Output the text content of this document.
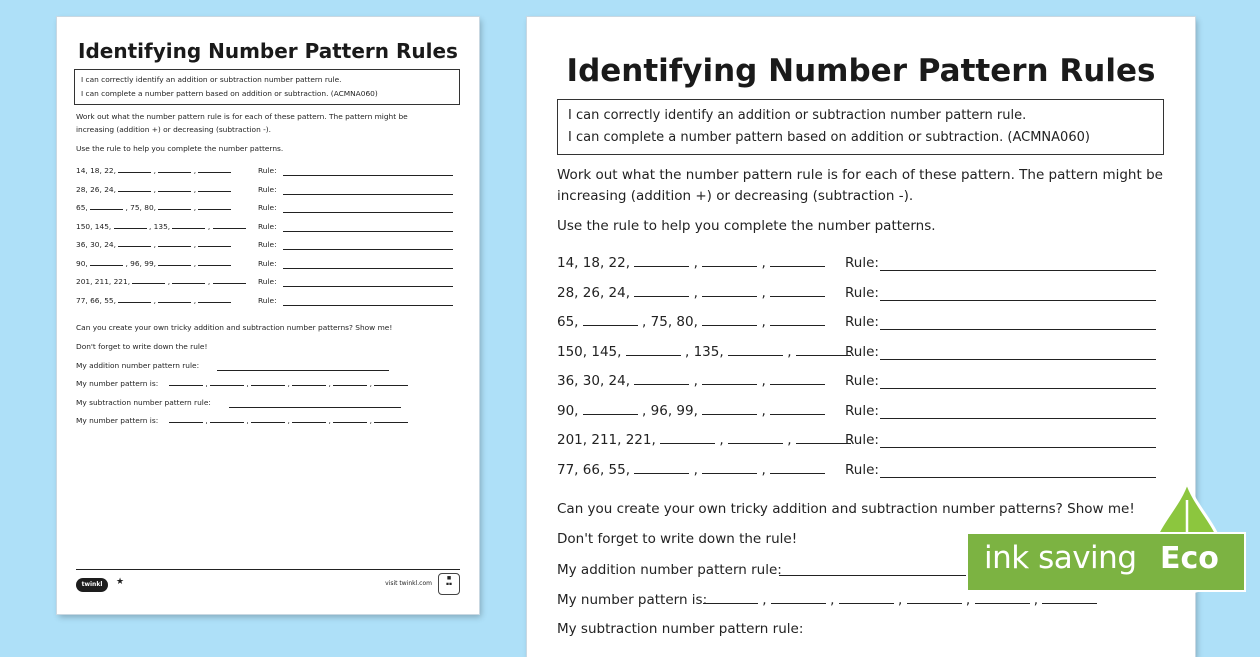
Identifying Number Pattern Rules
I can correctly identify an addition or subtraction number pattern rule.
I can complete a number pattern based on addition or subtraction. (ACMNA060)
Work out what the number pattern rule is for each of these pattern. The pattern might be
increasing (addition +) or decreasing (subtraction -).
Use the rule to help you complete the number patterns.
Can you create your own tricky addition and subtraction number patterns? Show me!
Don't forget to write down the rule!
My addition number pattern rule:
My number pattern is:	,	,	,	,	,
My subtraction number pattern rule:
My number pattern is:	,	,	,	,	,
twinkl	★	visit twinkl.com
■
▪▪
14, 18, 22,	,	,	Rule:
28, 26, 24,	,	,	Rule:
65,	, 75, 80,	,	Rule:
150, 145,	, 135,	,	Rule:
36, 30, 24,	,	,	Rule:
90,	, 96, 99,	,	Rule:
201, 211, 221,	,	,	Rule:
77, 66, 55,	,	,	Rule:
Identifying Number Pattern Rules
I can correctly identify an addition or subtraction number pattern rule.
I can complete a number pattern based on addition or subtraction. (ACMNA060)
Work out what the number pattern rule is for each of these pattern. The pattern might be
increasing (addition +) or decreasing (subtraction -).
Use the rule to help you complete the number patterns.
Can you create your own tricky addition and subtraction number patterns? Show me!
Don't forget to write down the rule!
My addition number pattern rule:
My number pattern is:	,	,	,	,	,
My subtraction number pattern rule:
14, 18, 22,	,	,	Rule:
28, 26, 24,	,	,	Rule:
65,	, 75, 80,	,	Rule:
150, 145,	, 135,	,	Rule:
36, 30, 24,	,	,	Rule:
90,	, 96, 99,	,	Rule:
201, 211, 221,	,	,	Rule:
77, 66, 55,	,	,	Rule:
ink saving Eco
